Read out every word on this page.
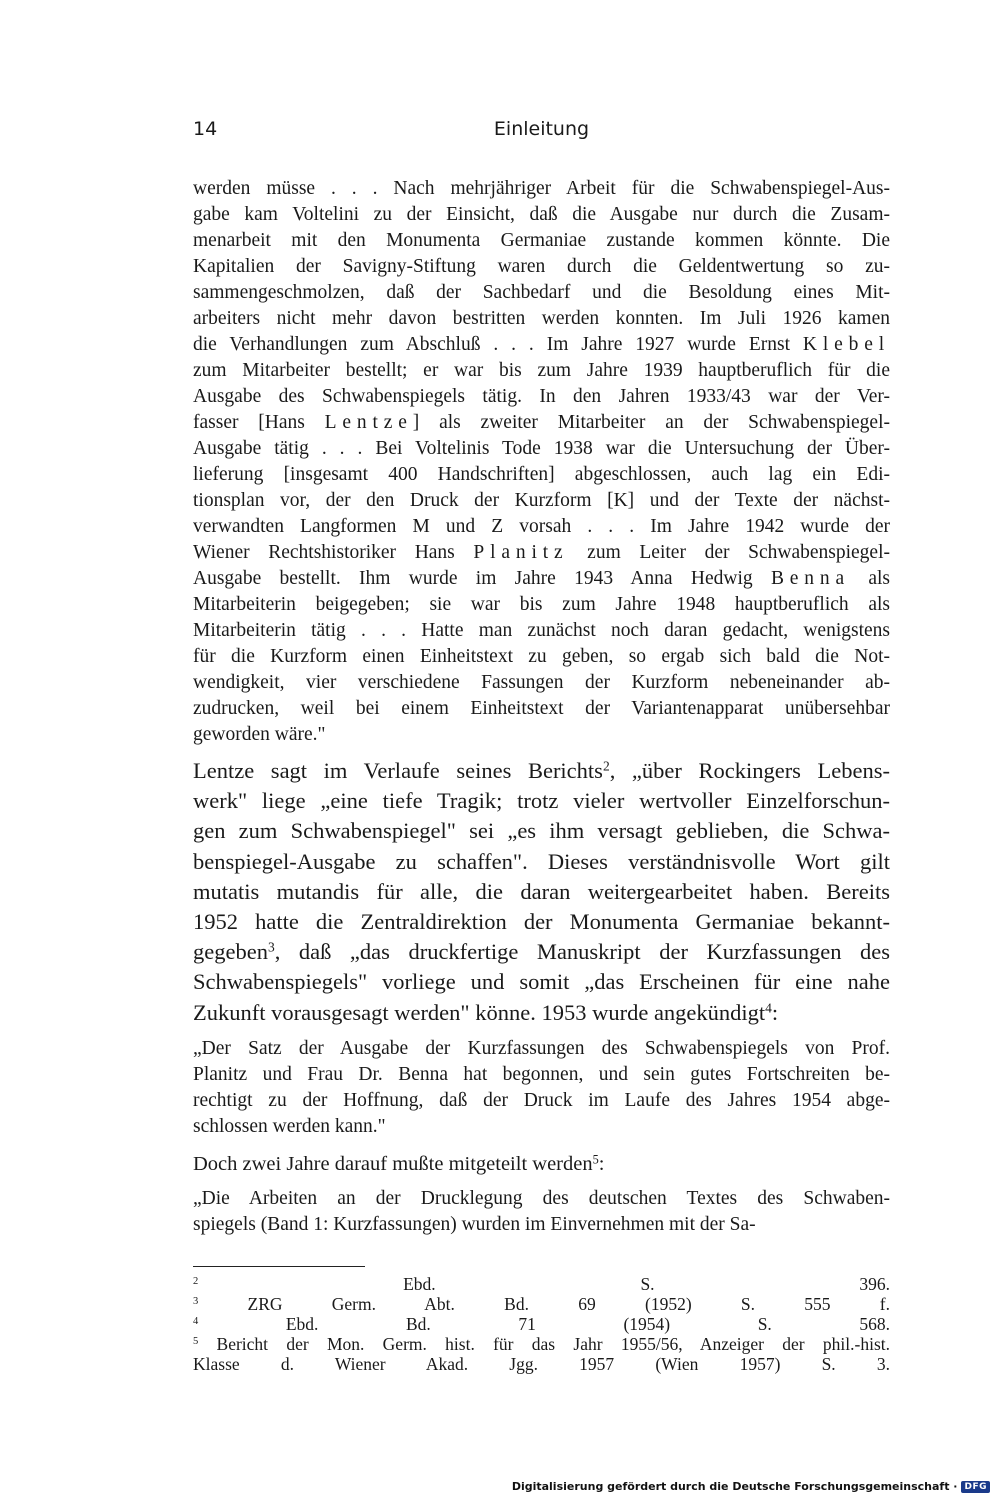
14	Einleitung
werden müsse . . . Nach mehrjähriger Arbeit für die Schwabenspiegel-Aus-
gabe kam Voltelini zu der Einsicht, daß die Ausgabe nur durch die Zusam-
menarbeit mit den Monumenta Germaniae zustande kommen könnte. Die
Kapitalien der Savigny-Stiftung waren durch die Geldentwertung so zu-
sammengeschmolzen, daß der Sachbedarf und die Besoldung eines Mit-
arbeiters nicht mehr davon bestritten werden konnten. Im Juli 1926 kamen
die Verhandlungen zum Abschluß . . . Im Jahre 1927 wurde Ernst Klebel
zum Mitarbeiter bestellt; er war bis zum Jahre 1939 hauptberuflich für die
Ausgabe des Schwabenspiegels tätig. In den Jahren 1933/43 war der Ver-
fasser [Hans Lentze] als zweiter Mitarbeiter an der Schwabenspiegel-
Ausgabe tätig . . . Bei Voltelinis Tode 1938 war die Untersuchung der Über-
lieferung [insgesamt 400 Handschriften] abgeschlossen, auch lag ein Edi-
tionsplan vor, der den Druck der Kurzform [K] und der Texte der nächst-
verwandten Langformen M und Z vorsah . . . Im Jahre 1942 wurde der
Wiener Rechtshistoriker Hans Planitz zum Leiter der Schwabenspiegel-
Ausgabe bestellt. Ihm wurde im Jahre 1943 Anna Hedwig Benna als
Mitarbeiterin beigegeben; sie war bis zum Jahre 1948 hauptberuflich als
Mitarbeiterin tätig . . . Hatte man zunächst noch daran gedacht, wenigstens
für die Kurzform einen Einheitstext zu geben, so ergab sich bald die Not-
wendigkeit, vier verschiedene Fassungen der Kurzform nebeneinander ab-
zudrucken, weil bei einem Einheitstext der Variantenapparat unübersehbar
geworden wäre."
Lentze sagt im Verlaufe seines Berichts$^2$, „über Rockingers Lebens-
werk" liege „eine tiefe Tragik; trotz vieler wertvoller Einzelforschun-
gen zum Schwabenspiegel" sei „es ihm versagt geblieben, die Schwa-
benspiegel-Ausgabe zu schaffen". Dieses verständnisvolle Wort gilt
mutatis mutandis für alle, die daran weitergearbeitet haben. Bereits
1952 hatte die Zentraldirektion der Monumenta Germaniae bekannt-
gegeben$^3$, daß „das druckfertige Manuskript der Kurzfassungen des
Schwabenspiegels" vorliege und somit „das Erscheinen für eine nahe
Zukunft vorausgesagt werden" könne. 1953 wurde angekündigt$^4$:
„Der Satz der Ausgabe der Kurzfassungen des Schwabenspiegels von Prof.
Planitz und Frau Dr. Benna hat begonnen, und sein gutes Fortschreiten be-
rechtigt zu der Hoffnung, daß der Druck im Laufe des Jahres 1954 abge-
schlossen werden kann."
Doch zwei Jahre darauf mußte mitgeteilt werden$^5$:
„Die Arbeiten an der Drucklegung des deutschen Textes des Schwaben-
spiegels (Band 1: Kurzfassungen) wurden im Einvernehmen mit der Sa-
$^2$	Ebd. S. 396.
$^3$	ZRG Germ. Abt. Bd. 69 (1952) S. 555 f.
$^4$	Ebd. Bd. 71 (1954) S. 568.
$^5$ Bericht der Mon. Germ. hist. für das Jahr 1955/56, Anzeiger der phil.-hist.
Klasse d. Wiener Akad. Jgg. 1957 (Wien 1957) S. 3.
Digitalisierung gefördert durch die Deutsche Forschungsgemeinschaft · DFG
